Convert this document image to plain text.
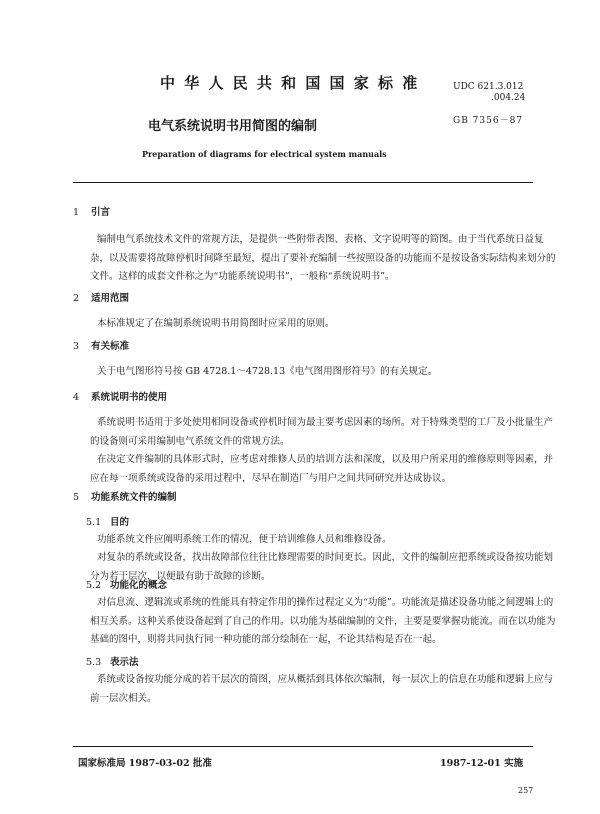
中 华 人 民 共 和 国 国 家 标 准	UDC 621.3.012
.004.24
GB 7356－87
电气系统说明书用简图的编制
Preparation of diagrams for electrical system manuals
1 引言

编制电气系统技术文件的常规方法，是提供一些附带表图、表格、文字说明等的简图。由于当代系统日益复杂，以及需要将故障停机时间降至最短，提出了要补充编制一些按照设备的功能而不是按设备实际结构来划分的文件。这样的成套文件称之为“功能系统说明书”，一般称“系统说明书”。

2 适用范围

本标准规定了在编制系统说明书用简图时应采用的原则。

3 有关标准

关于电气图形符号按 GB 4728.1～4728.13《电气图用图形符号》的有关规定。

4 系统说明书的使用

系统说明书适用于多处使用相同设备或停机时间为最主要考虑因素的场所。对于特殊类型的工厂及小批量生产的设备则可采用编制电气系统文件的常规方法。

在决定文件编制的具体形式时，应考虑对维修人员的培训方法和深度，以及用户所采用的维修原则等因素，并应在每一项系统或设备的采用过程中，尽早在制造厂与用户之间共同研究并达成协议。

5 功能系统文件的编制
5.1 目的

功能系统文件应阐明系统工作的情况，便于培训维修人员和维修设备。

对复杂的系统或设备，找出故障部位往往比修理需要的时间更长。因此，文件的编制应把系统或设备按功能划分为若干层次，以便最有助于故障的诊断。

5.2 功能化的概念

对信息流、逻辑流或系统的性能具有特定作用的操作过程定义为“功能”。功能流是描述设备功能之间逻辑上的相互关系。这种关系使设备起到了自己的作用。以功能为基础编制的文件，主要是要掌握功能流。而在以功能为基础的图中，则将共同执行同一种功能的部分绘制在一起，不论其结构是否在一起。

5.3 表示法

系统或设备按功能分成的若干层次的简图，应从概括到具体依次编制，每一层次上的信息在功能和逻辑上应与前一层次相关。

国家标准局 1987-03-02 批准	1987-12-01 实施
257
